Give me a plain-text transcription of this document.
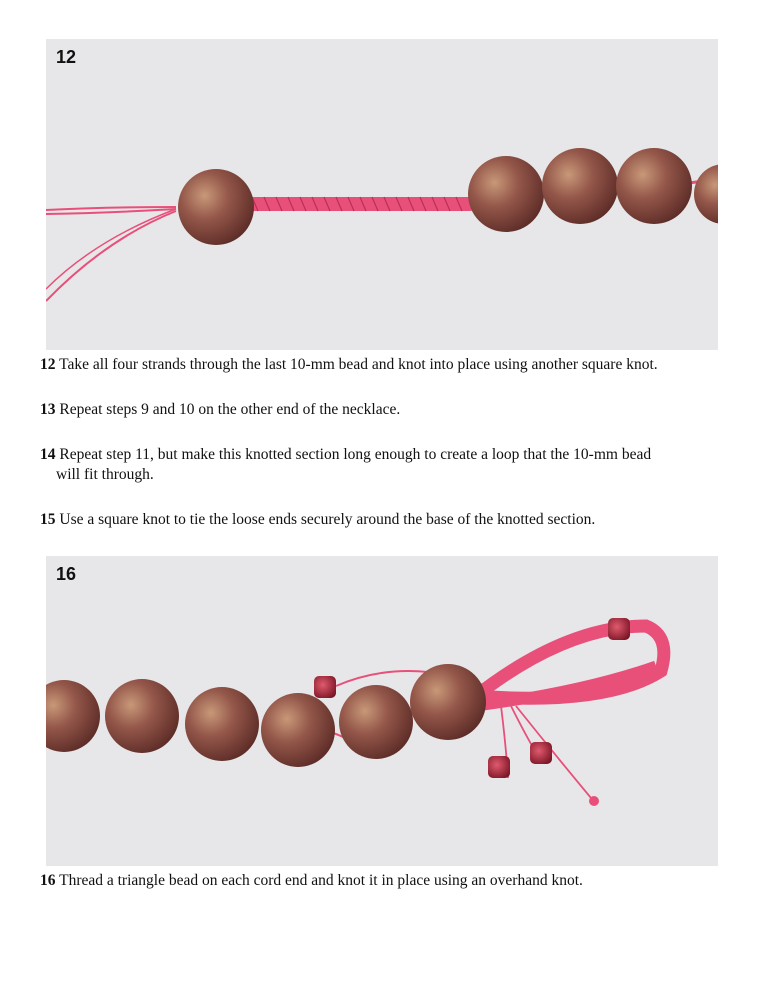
12
12 Take all four strands through the last 10-mm bead and knot into place using another square knot.
13 Repeat steps 9 and 10 on the other end of the necklace.
14 Repeat step 11, but make this knotted section long enough to create a loop that the 10-mm bead
will fit through.
15 Use a square knot to tie the loose ends securely around the base of the knotted section.
16
16 Thread a triangle bead on each cord end and knot it in place using an overhand knot.
